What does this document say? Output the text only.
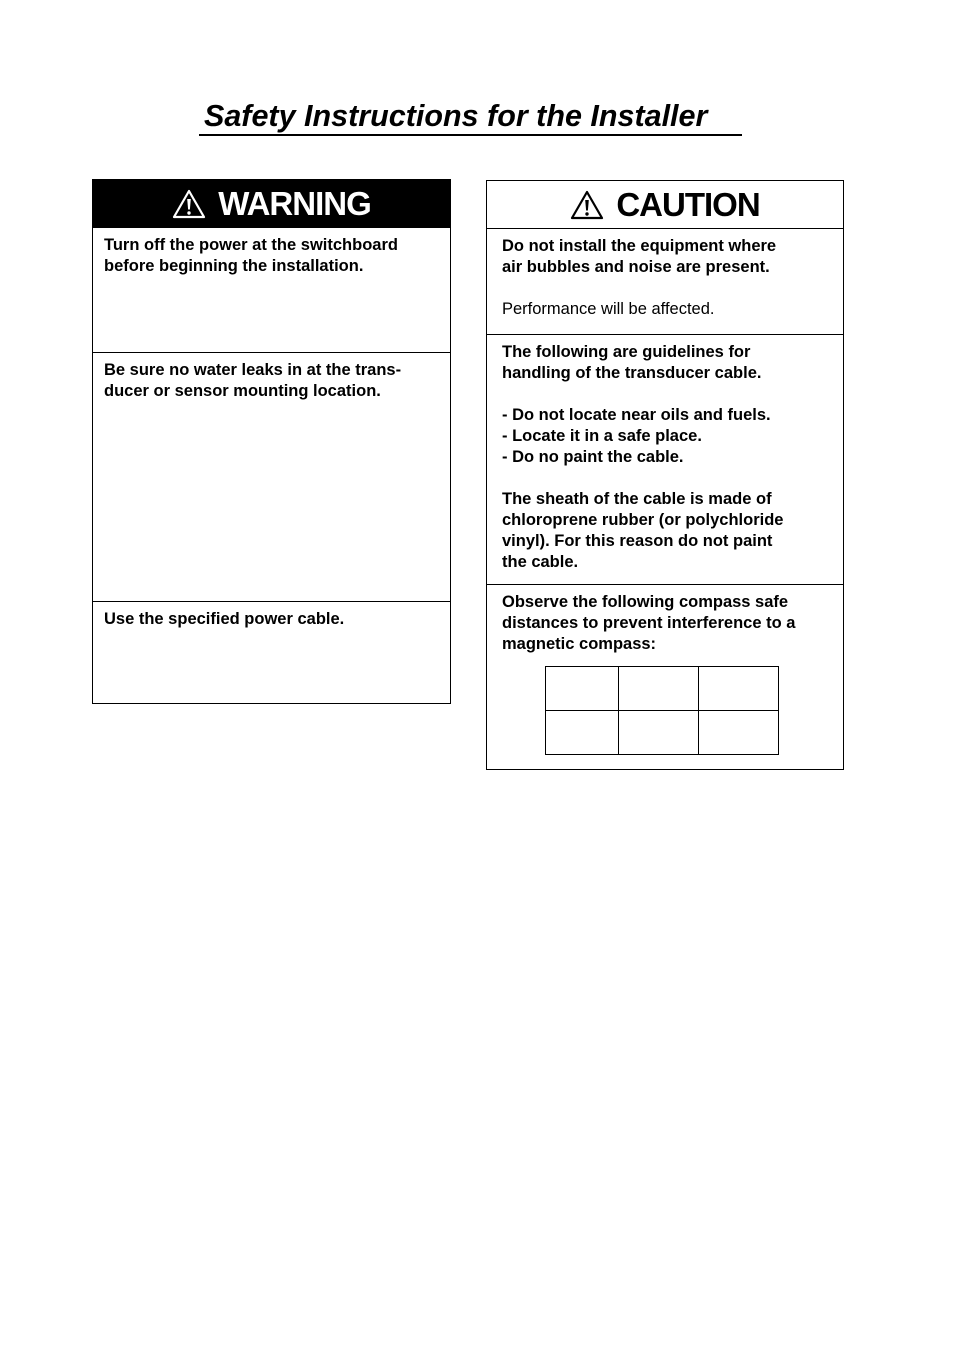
Safety Instructions for the Installer
WARNING
Turn off the power at the switchboard
before beginning the installation.
Be sure no water leaks in at the trans-
ducer or sensor mounting location.
Use the specified power cable.
CAUTION
Do not install the equipment where
air bubbles and noise are present.
Performance will be affected.
The following are guidelines for
handling of the transducer cable.
- Do not locate near oils and fuels.
- Locate it in a safe place.
- Do no paint the cable.
The sheath of the cable is made of
chloroprene rubber (or polychloride
vinyl). For this reason do not paint
the cable.
Observe the following compass safe
distances to prevent interference to a
magnetic compass:
